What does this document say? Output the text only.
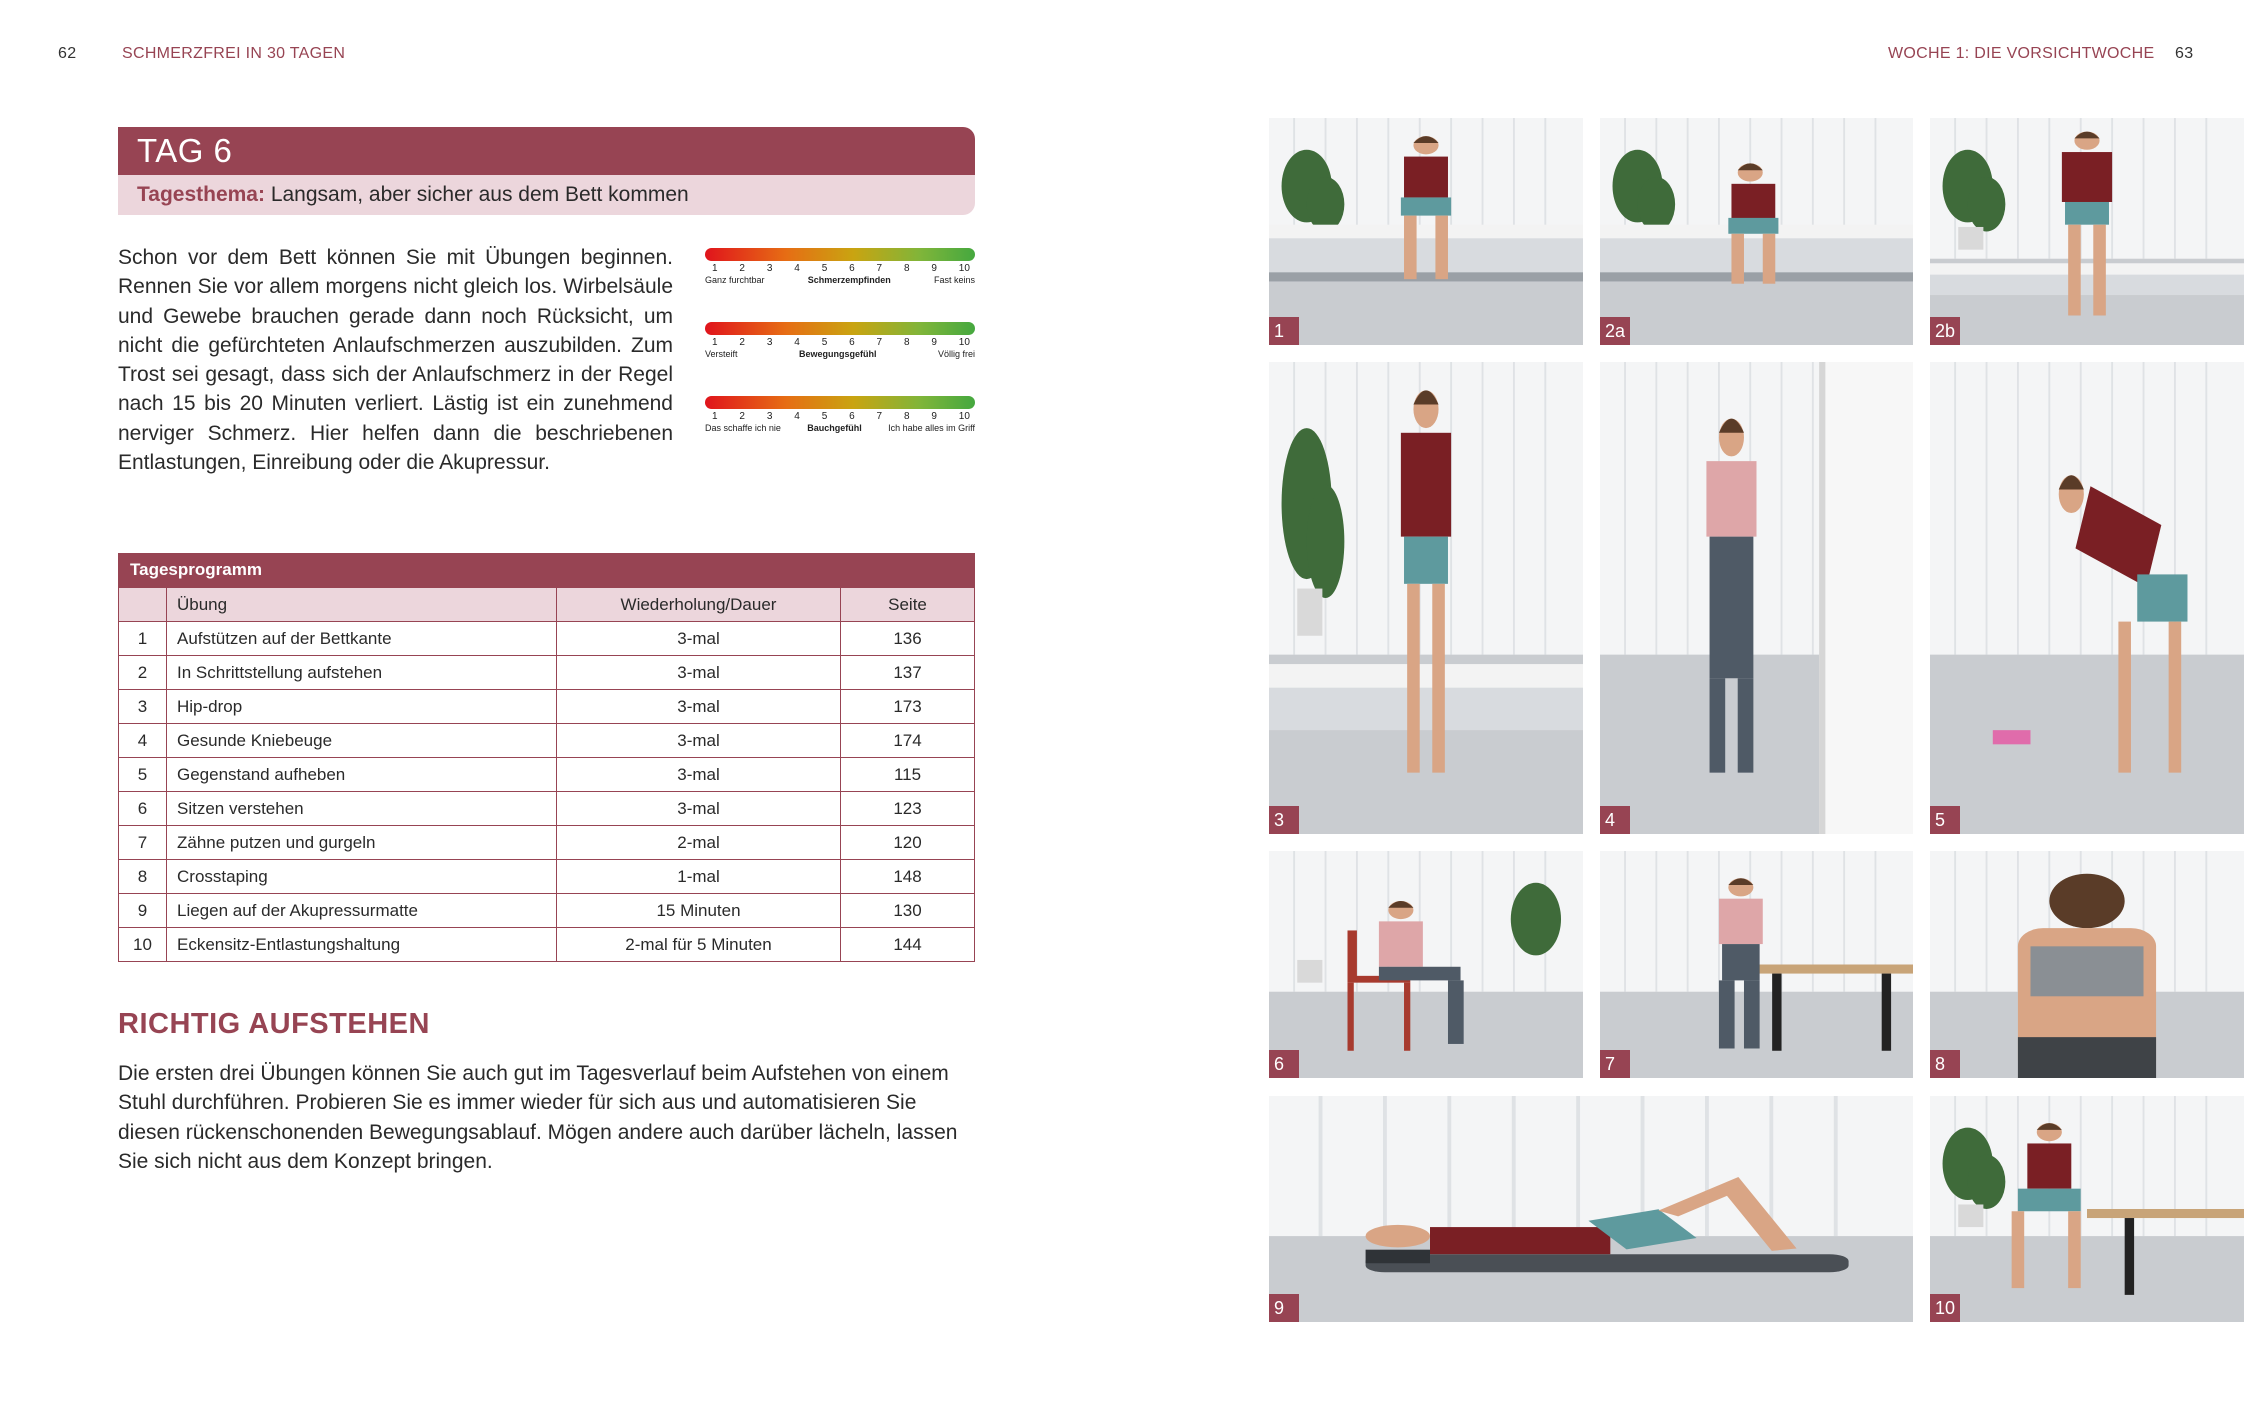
62	SCHMERZFREI IN 30 TAGEN	WOCHE 1: DIE VORSICHTWOCHE 63
TAG 6
Tagesthema: Langsam, aber sicher aus dem Bett kommen
Schon vor dem Bett können Sie mit Übungen beginnen. Rennen Sie vor allem morgens nicht gleich los. Wirbelsäule und Gewebe brauchen gerade dann noch Rücksicht, um nicht die gefürchteten Anlaufschmerzen auszubilden. Zum Trost sei gesagt, dass sich der Anlaufschmerz in der Regel nach 15 bis 20 Minuten verliert. Lästig ist ein zunehmend nerviger Schmerz. Hier helfen dann die beschriebenen Entlastungen, Einreibung oder die Akupressur.
1 2 3 4 5 6 7 8 9 10
Ganz furchtbar	Schmerzempfinden	Fast keins
1 2 3 4 5 6 7 8 9 10
Versteift	Bewegungsgefühl	Völlig frei
1 2 3 4 5 6 7 8 9 10
Das schaffe ich nie	Bauchgefühl	Ich habe alles im Griff
Tagesprogramm
	Übung	Wiederholung/Dauer	Seite
1	Aufstützen auf der Bettkante	3-mal	136
2	In Schrittstellung aufstehen	3-mal	137
3	Hip-drop	3-mal	173
4	Gesunde Kniebeuge	3-mal	174
5	Gegenstand aufheben	3-mal	115
6	Sitzen verstehen	3-mal	123
7	Zähne putzen und gurgeln	2-mal	120
8	Crosstaping	1-mal	148
9	Liegen auf der Akupressurmatte	15 Minuten	130
10	Eckensitz-Entlastungshaltung	2-mal für 5 Minuten	144
RICHTIG AUFSTEHEN
Die ersten drei Übungen können Sie auch gut im Tagesverlauf beim Aufstehen von einem Stuhl durchführen. Probieren Sie es immer wieder für sich aus und automatisieren Sie diesen rückenschonenden Bewegungsablauf. Mögen andere auch darüber lächeln, lassen Sie sich nicht aus dem Konzept bringen.
1	2a	2b
3	4	5
6	7	8
9	10
